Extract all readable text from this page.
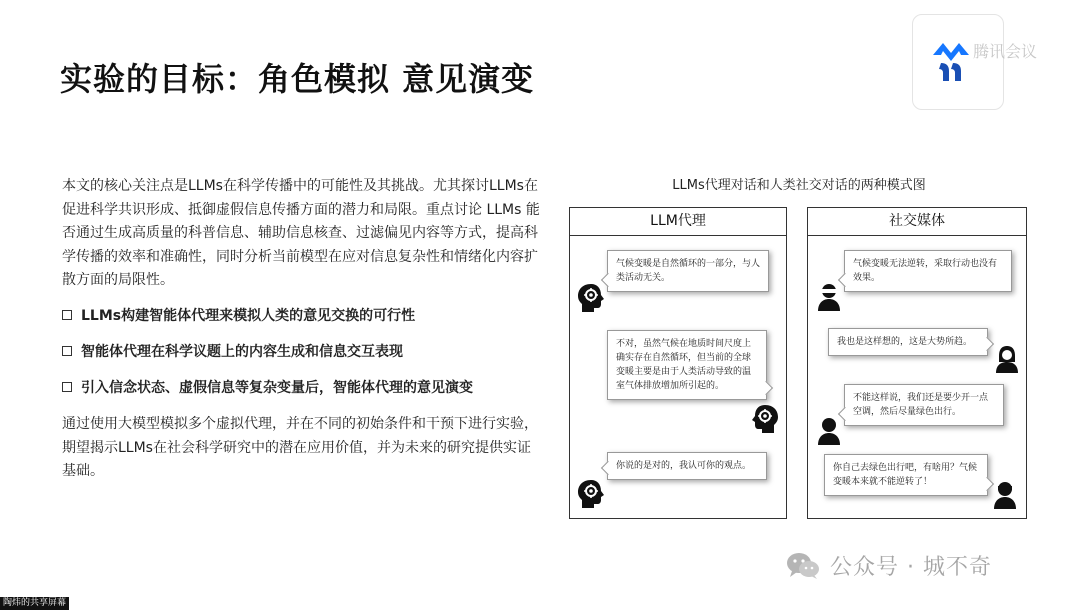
实验的目标：角色模拟 意见演变
腾讯会议
本文的核心关注点是LLMs在科学传播中的可能性及其挑战。尤其探讨LLMs在促进科学共识形成、抵御虚假信息传播方面的潜力和局限。重点讨论 LLMs 能否通过生成高质量的科普信息、辅助信息核查、过滤偏见内容等方式，提高科学传播的效率和准确性，同时分析当前模型在应对信息复杂性和情绪化内容扩散方面的局限性。
LLMs构建智能体代理来模拟人类的意见交换的可行性
智能体代理在科学议题上的内容生成和信息交互表现
引入信念状态、虚假信息等复杂变量后，智能体代理的意见演变
通过使用大模型模拟多个虚拟代理，并在不同的初始条件和干预下进行实验，期望揭示LLMs在社会科学研究中的潜在应用价值，并为未来的研究提供实证基础。
LLMs代理对话和人类社交对话的两种模式图
LLM代理
气候变暖是自然循环的一部分，与人类活动无关。
不对，虽然气候在地质时间尺度上确实存在自然循环，但当前的全球变暖主要是由于人类活动导致的温室气体排放增加所引起的。
你说的是对的，我认可你的观点。
社交媒体
气候变暖无法逆转，采取行动也没有效果。
我也是这样想的，这是大势所趋。
不能这样说，我们还是要少开一点空调，然后尽量绿色出行。
你自己去绿色出行吧，有啥用？气候变暖本来就不能逆转了！
公众号 · 城不奇
陶炜的共享屏幕
